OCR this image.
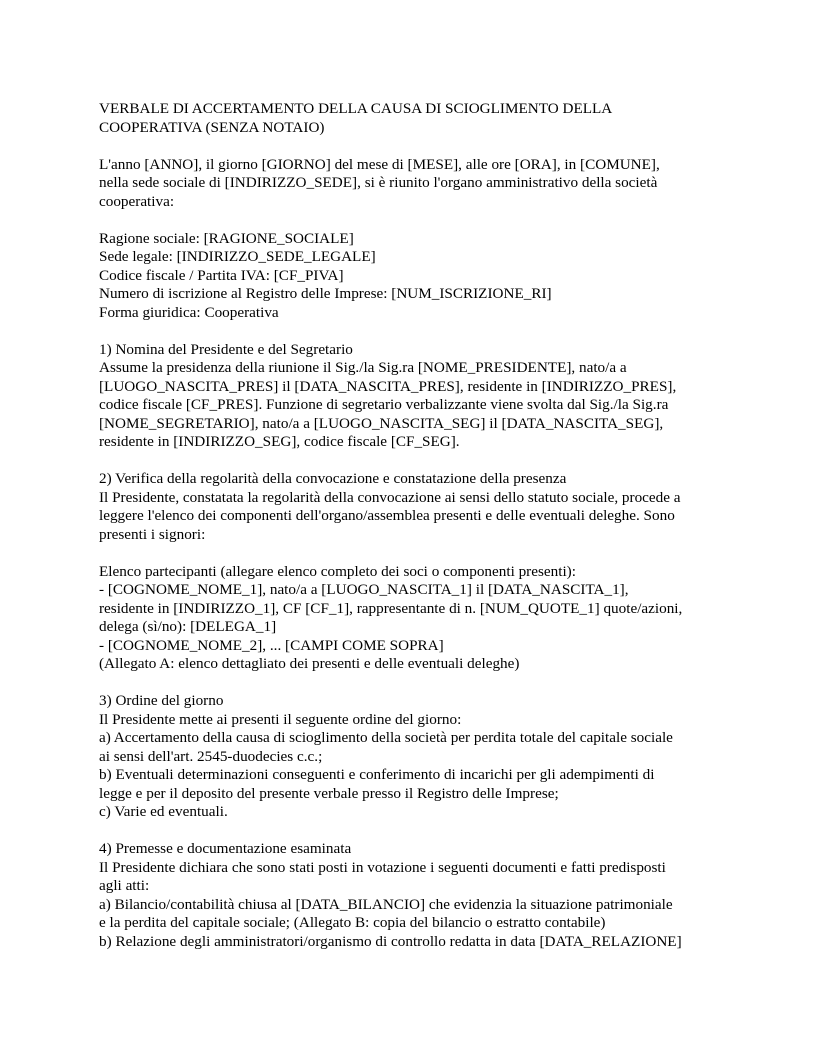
VERBALE DI ACCERTAMENTO DELLA CAUSA DI SCIOGLIMENTO DELLA
COOPERATIVA (SENZA NOTAIO)
L'anno [ANNO], il giorno [GIORNO] del mese di [MESE], alle ore [ORA], in [COMUNE],
nella sede sociale di [INDIRIZZO_SEDE], si è riunito l'organo amministrativo della società
cooperativa:
Ragione sociale: [RAGIONE_SOCIALE]
Sede legale: [INDIRIZZO_SEDE_LEGALE]
Codice fiscale / Partita IVA: [CF_PIVA]
Numero di iscrizione al Registro delle Imprese: [NUM_ISCRIZIONE_RI]
Forma giuridica: Cooperativa
1) Nomina del Presidente e del Segretario
Assume la presidenza della riunione il Sig./la Sig.ra [NOME_PRESIDENTE], nato/a a
[LUOGO_NASCITA_PRES] il [DATA_NASCITA_PRES], residente in [INDIRIZZO_PRES],
codice fiscale [CF_PRES]. Funzione di segretario verbalizzante viene svolta dal Sig./la Sig.ra
[NOME_SEGRETARIO], nato/a a [LUOGO_NASCITA_SEG] il [DATA_NASCITA_SEG],
residente in [INDIRIZZO_SEG], codice fiscale [CF_SEG].
2) Verifica della regolarità della convocazione e constatazione della presenza
Il Presidente, constatata la regolarità della convocazione ai sensi dello statuto sociale, procede a
leggere l'elenco dei componenti dell'organo/assemblea presenti e delle eventuali deleghe. Sono
presenti i signori:
Elenco partecipanti (allegare elenco completo dei soci o componenti presenti):
- [COGNOME_NOME_1], nato/a a [LUOGO_NASCITA_1] il [DATA_NASCITA_1],
residente in [INDIRIZZO_1], CF [CF_1], rappresentante di n. [NUM_QUOTE_1] quote/azioni,
delega (sì/no): [DELEGA_1]
- [COGNOME_NOME_2], ... [CAMPI COME SOPRA]
(Allegato A: elenco dettagliato dei presenti e delle eventuali deleghe)
3) Ordine del giorno
Il Presidente mette ai presenti il seguente ordine del giorno:
a) Accertamento della causa di scioglimento della società per perdita totale del capitale sociale
ai sensi dell'art. 2545-duodecies c.c.;
b) Eventuali determinazioni conseguenti e conferimento di incarichi per gli adempimenti di
legge e per il deposito del presente verbale presso il Registro delle Imprese;
c) Varie ed eventuali.
4) Premesse e documentazione esaminata
Il Presidente dichiara che sono stati posti in votazione i seguenti documenti e fatti predisposti
agli atti:
a) Bilancio/contabilità chiusa al [DATA_BILANCIO] che evidenzia la situazione patrimoniale
e la perdita del capitale sociale; (Allegato B: copia del bilancio o estratto contabile)
b) Relazione degli amministratori/organismo di controllo redatta in data [DATA_RELAZIONE]
